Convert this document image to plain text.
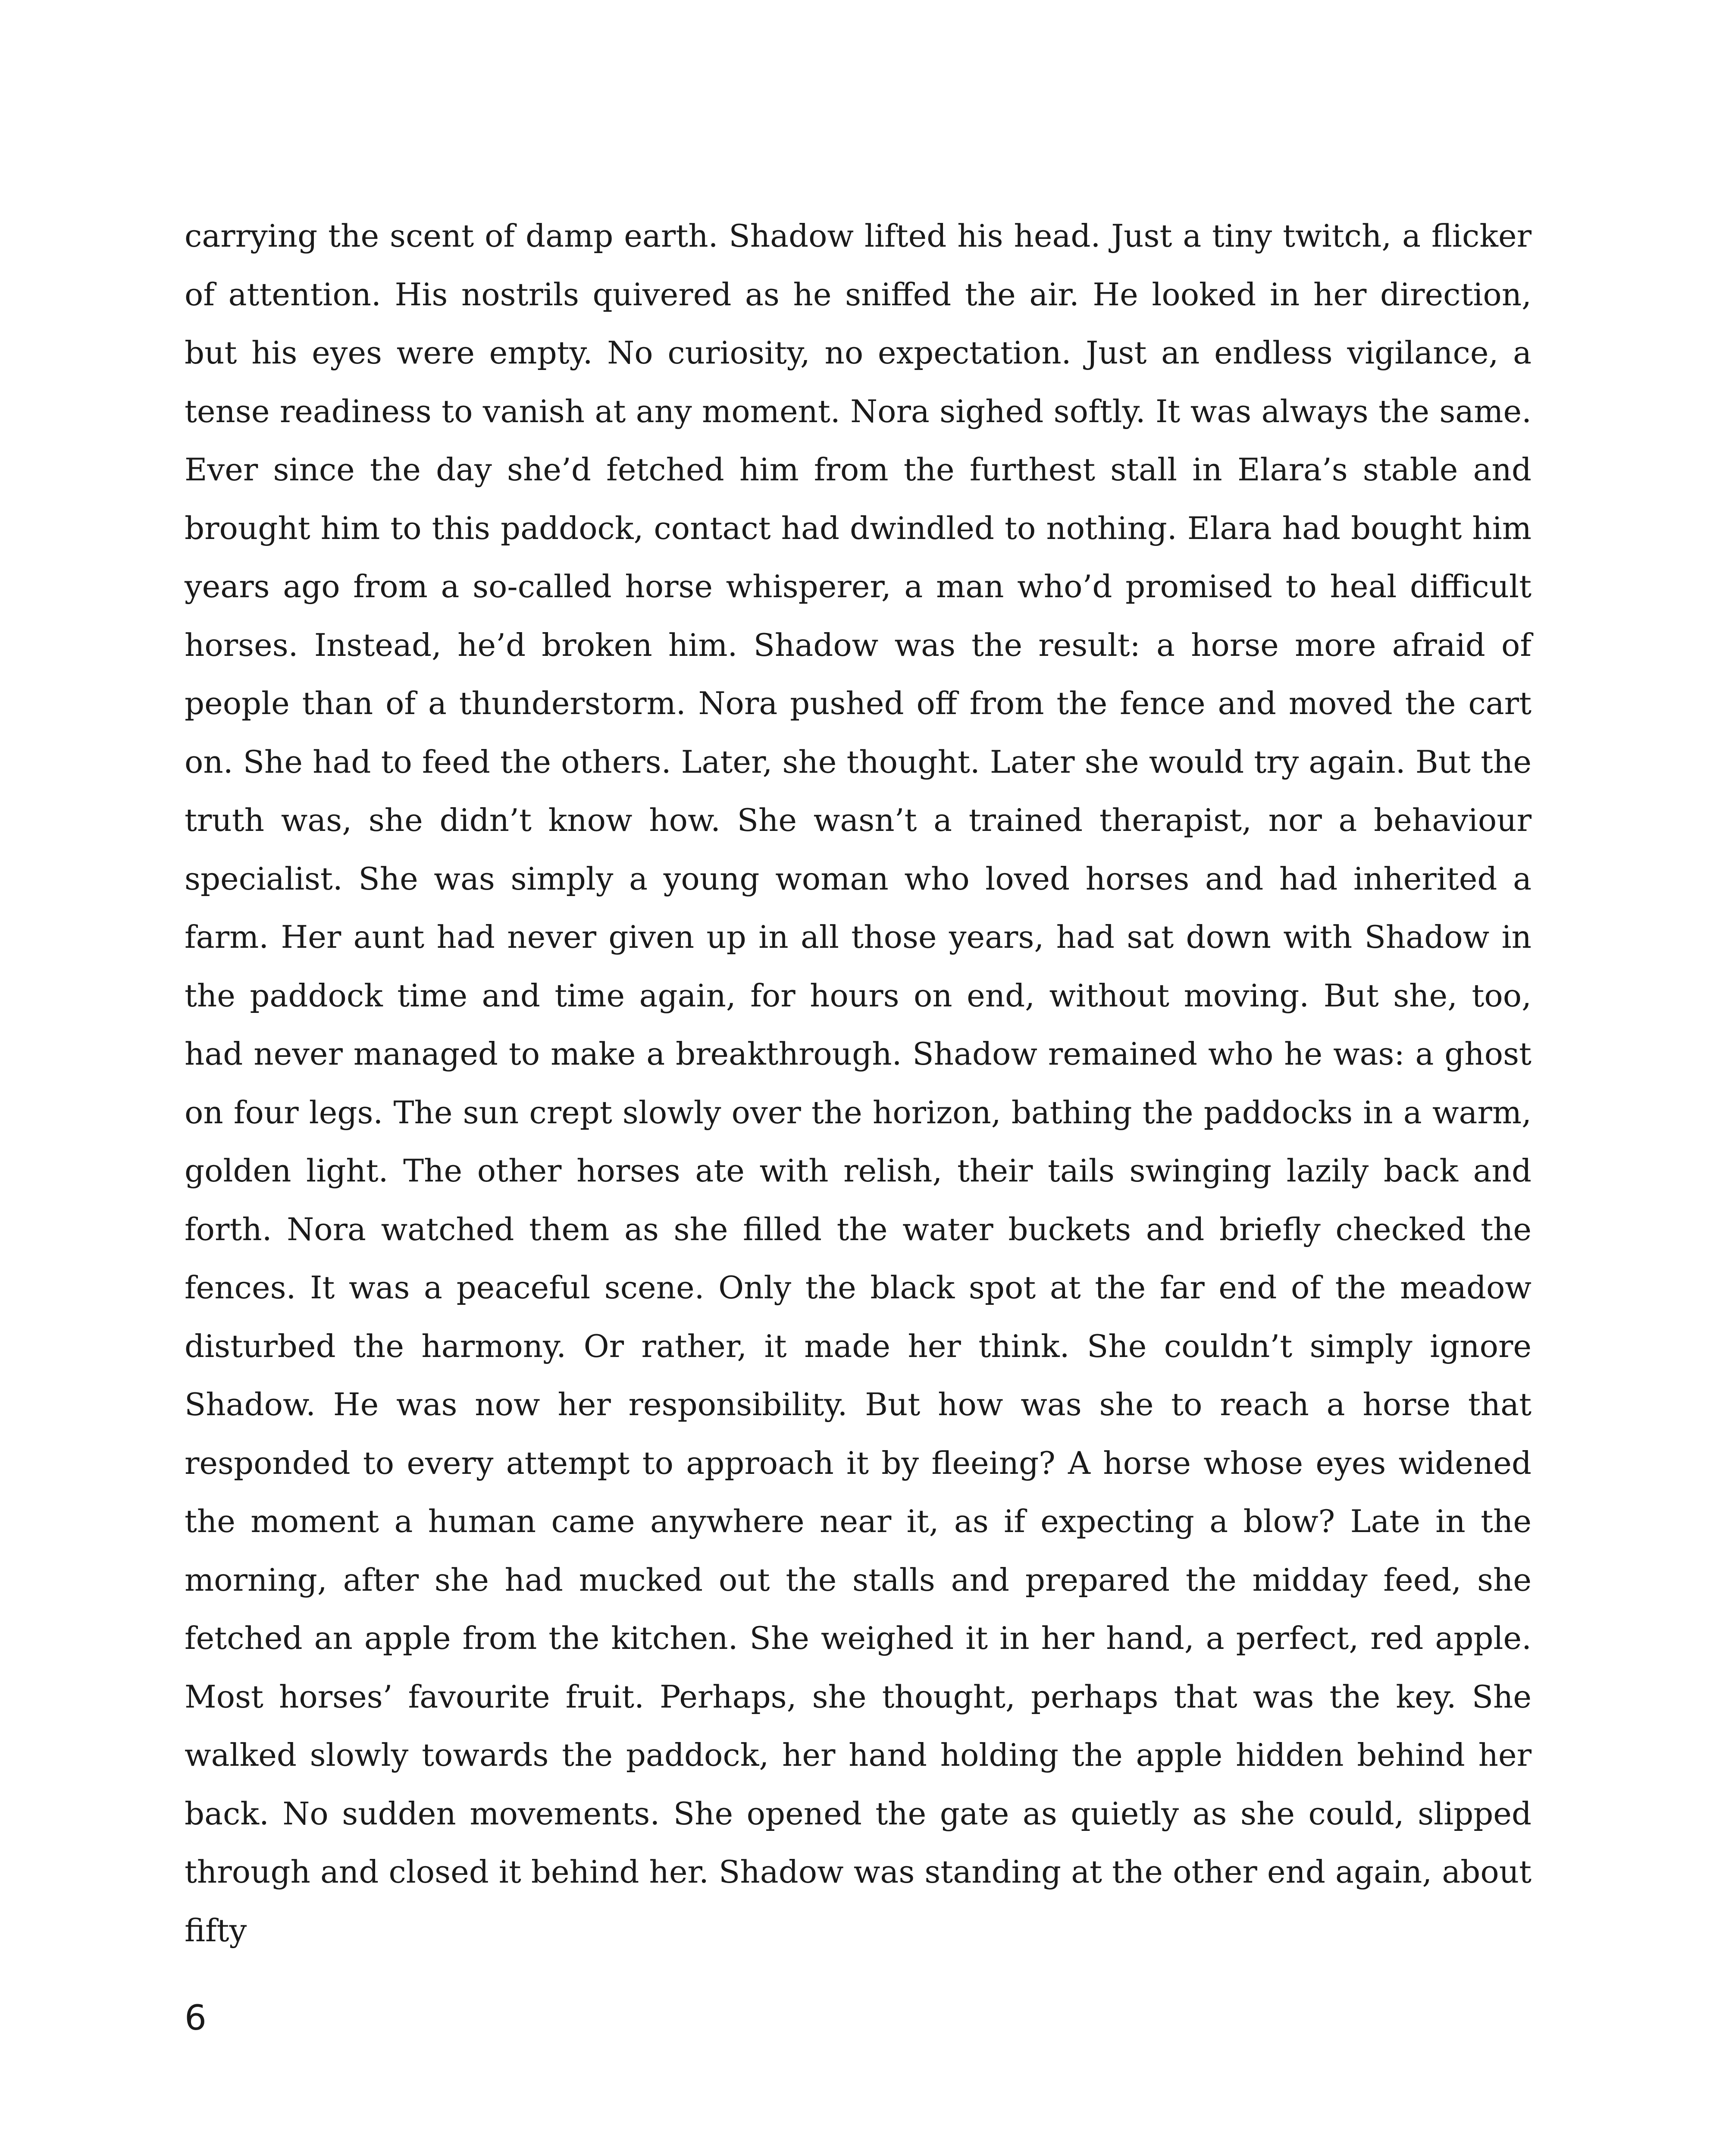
carrying the scent of damp earth. Shadow lifted his head. Just a tiny twitch, a flicker of attention. His nostrils quivered as he sniffed the air. He looked in her direction, but his eyes were empty. No curiosity, no expectation. Just an endless vigilance, a tense readiness to vanish at any moment. Nora sighed softly. It was always the same. Ever since the day she’d fetched him from the furthest stall in Elara’s stable and brought him to this paddock, contact had dwindled to nothing. Elara had bought him years ago from a so-called horse whisperer, a man who’d promised to heal difficult horses. Instead, he’d broken him. Shadow was the result: a horse more afraid of people than of a thunderstorm. Nora pushed off from the fence and moved the cart on. She had to feed the others. Later, she thought. Later she would try again. But the truth was, she didn’t know how. She wasn’t a trained therapist, nor a behaviour specialist. She was simply a young woman who loved horses and had inherited a farm. Her aunt had never given up in all those years, had sat down with Shadow in the paddock time and time again, for hours on end, without moving. But she, too, had never managed to make a breakthrough. Shadow remained who he was: a ghost on four legs. The sun crept slowly over the horizon, bathing the paddocks in a warm, golden light. The other horses ate with relish, their tails swinging lazily back and forth. Nora watched them as she filled the water buckets and briefly checked the fences. It was a peaceful scene. Only the black spot at the far end of the meadow disturbed the harmony. Or rather, it made her think. She couldn’t simply ignore Shadow. He was now her responsibility. But how was she to reach a horse that responded to every attempt to approach it by fleeing? A horse whose eyes widened the moment a human came anywhere near it, as if expecting a blow? Late in the morning, after she had mucked out the stalls and prepared the midday feed, she fetched an apple from the kitchen. She weighed it in her hand, a perfect, red apple. Most horses’ favourite fruit. Perhaps, she thought, perhaps that was the key. She walked slowly towards the paddock, her hand holding the apple hidden behind her back. No sudden movements. She opened the gate as quietly as she could, slipped through and closed it behind her. Shadow was standing at the other end again, about fifty

6
